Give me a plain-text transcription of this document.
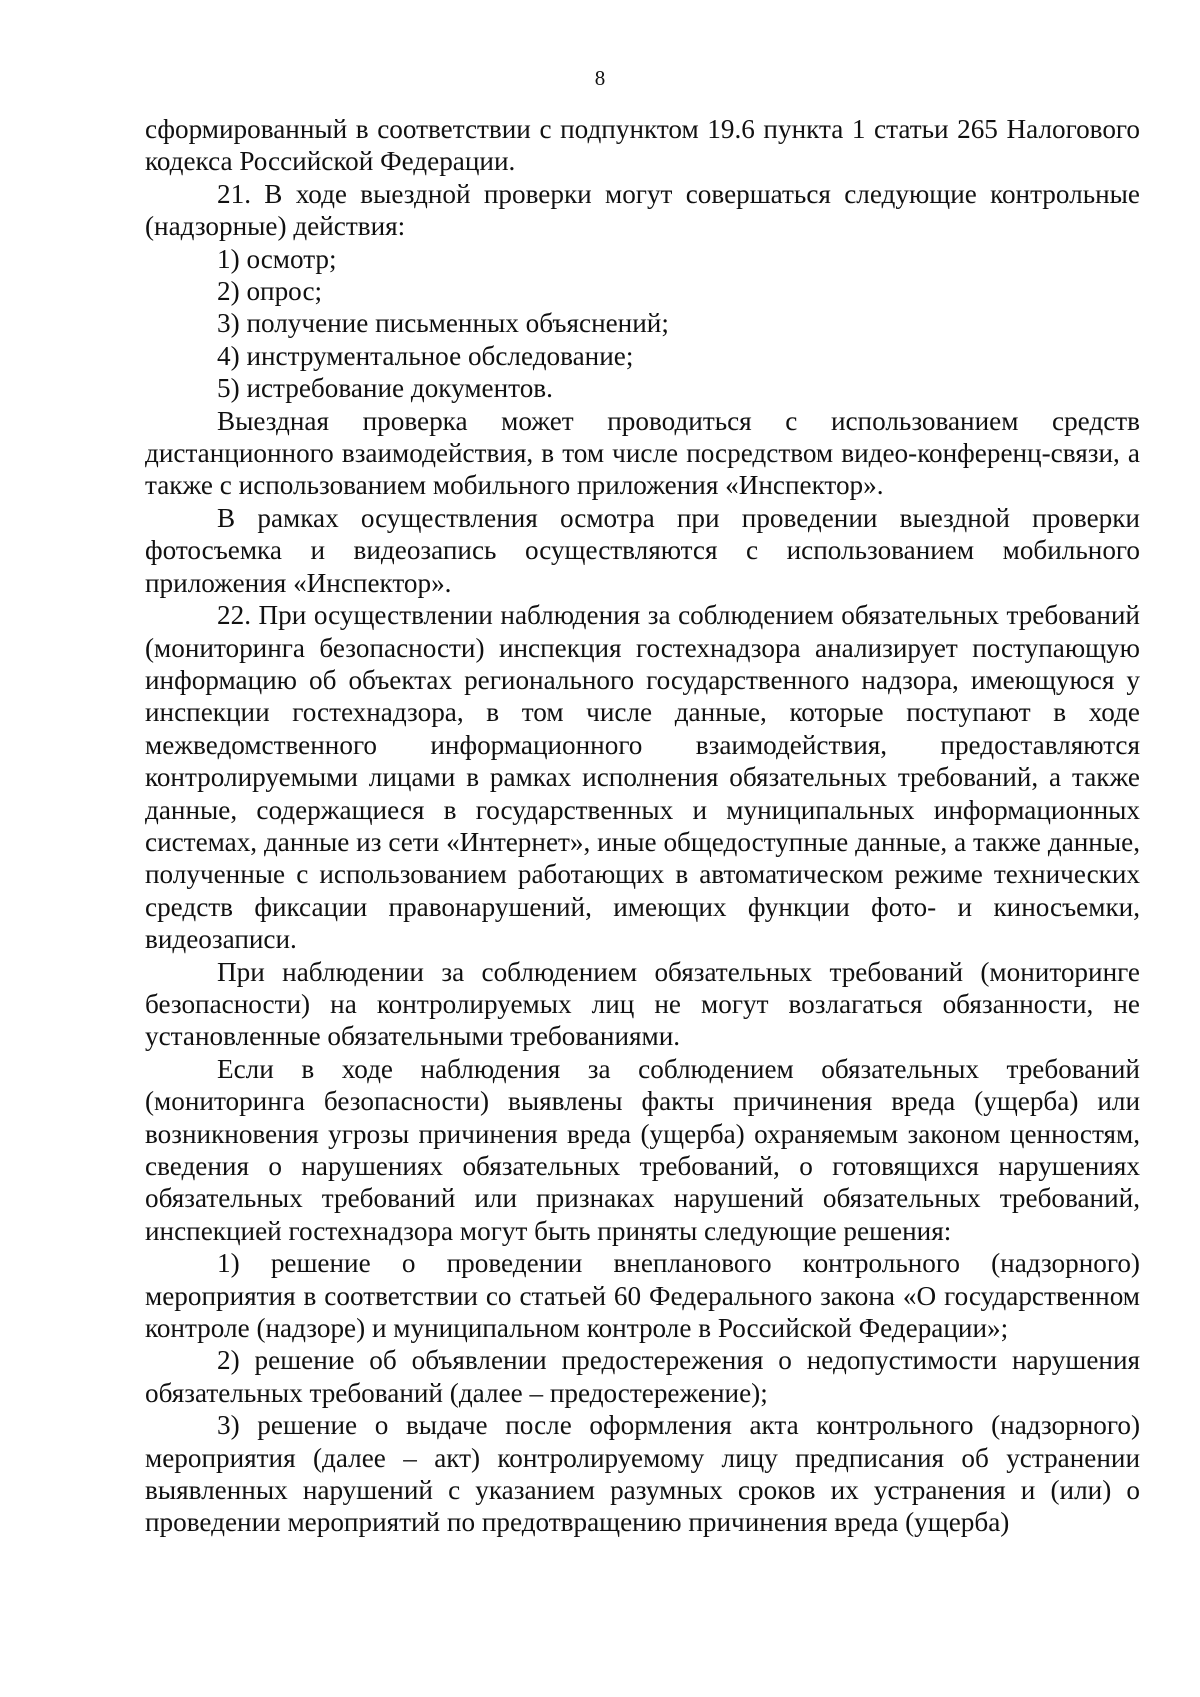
8

сформированный в соответствии с подпунктом 19.6 пункта 1 статьи 265 Налогового кодекса Российской Федерации.

21. В ходе выездной проверки могут совершаться следующие контрольные (надзорные) действия:

1) осмотр;

2) опрос;

3) получение письменных объяснений;

4) инструментальное обследование;

5) истребование документов.

Выездная проверка может проводиться с использованием средств дистанционного взаимодействия, в том числе посредством видео-конференц-связи, а также с использованием мобильного приложения «Инспектор».

В рамках осуществления осмотра при проведении выездной проверки фотосъемка и видеозапись осуществляются с использованием мобильного приложения «Инспектор».

22. При осуществлении наблюдения за соблюдением обязательных требований (мониторинга безопасности) инспекция гостехнадзора анализирует поступающую информацию об объектах регионального государственного надзора, имеющуюся у инспекции гостехнадзора, в том числе данные, которые поступают в ходе межведомственного информационного взаимодействия, предоставляются контролируемыми лицами в рамках исполнения обязательных требований, а также данные, содержащиеся в государственных и муниципальных информационных системах, данные из сети «Интернет», иные общедоступные данные, а также данные, полученные с использованием работающих в автоматическом режиме технических средств фиксации правонарушений, имеющих функции фото- и киносъемки, видеозаписи.

При наблюдении за соблюдением обязательных требований (мониторинге безопасности) на контролируемых лиц не могут возлагаться обязанности, не установленные обязательными требованиями.

Если в ходе наблюдения за соблюдением обязательных требований (мониторинга безопасности) выявлены факты причинения вреда (ущерба) или возникновения угрозы причинения вреда (ущерба) охраняемым законом ценностям, сведения о нарушениях обязательных требований, о готовящихся нарушениях обязательных требований или признаках нарушений обязательных требований, инспекцией гостехнадзора могут быть приняты следующие решения:

1) решение о проведении внепланового контрольного (надзорного) мероприятия в соответствии со статьей 60 Федерального закона «О государственном контроле (надзоре) и муниципальном контроле в Российской Федерации»;

2) решение об объявлении предостережения о недопустимости нарушения обязательных требований (далее – предостережение);

3) решение о выдаче после оформления акта контрольного (надзорного) мероприятия (далее – акт) контролируемому лицу предписания об устранении выявленных нарушений с указанием разумных сроков их устранения и (или) о проведении мероприятий по предотвращению причинения вреда (ущерба)
